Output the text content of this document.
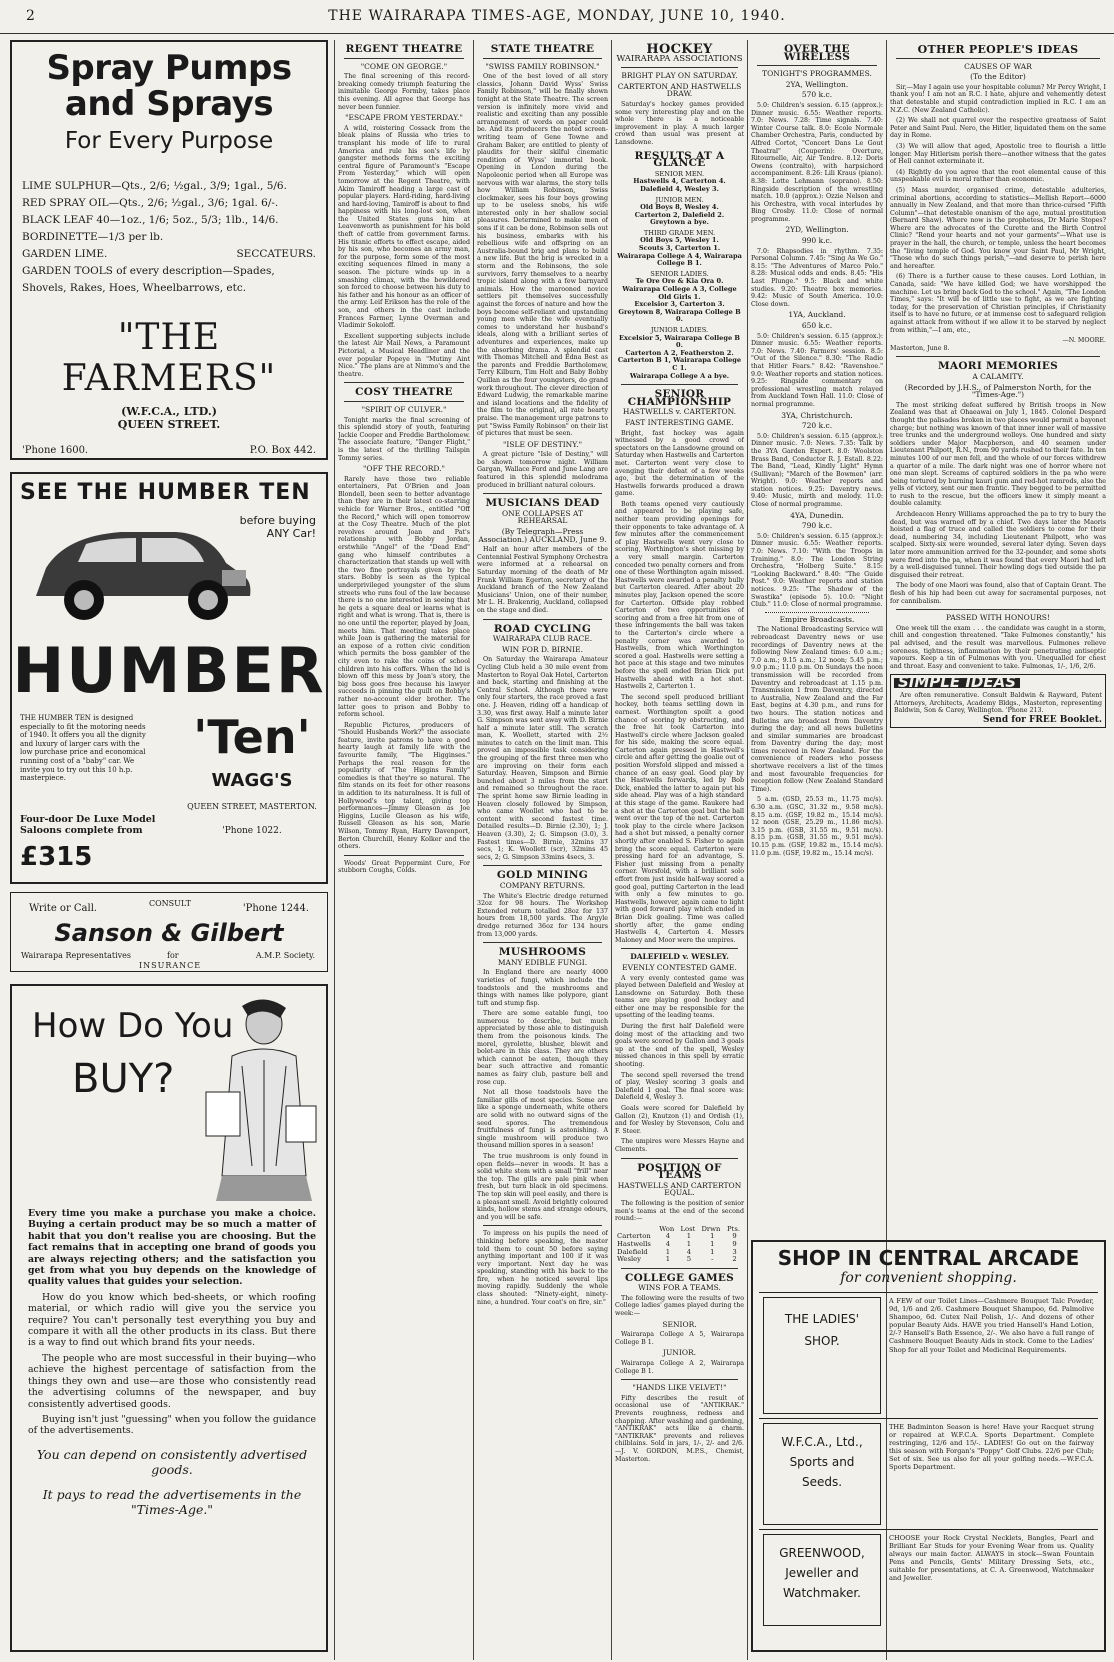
2	THE WAIRARAPA TIMES-AGE, MONDAY, JUNE 10, 1940.
Spray Pumps and Sprays
For Every Purpose
LIME SULPHUR—Qts., 2/6; ½gal., 3/9; 1gal., 5/6.
RED SPRAY OIL—Qts., 2/6; ½gal., 3/6; 1gal. 6/-.
BLACK LEAF 40—1oz., 1/6; 5oz., 5/3; 1lb., 14/6.
BORDINETTE—1/3 per lb.
GARDEN LIME.	SECCATEURS.
GARDEN TOOLS of every description—Spades, Shovels, Rakes, Hoes, Wheelbarrows, etc.
"THE FARMERS"
(W.F.C.A., LTD.)
QUEEN STREET.
'Phone 1600.	P.O. Box 442.
SEE THE HUMBER TEN
before buying ANY Car!
HUMBER
THE HUMBER TEN is designed especially to fit the motoring needs of 1940. It offers you all the dignity and luxury of larger cars with the low purchase price and economical running cost of a "baby" car. We invite you to try out this 10 h.p. masterpiece.
'Ten'
WAGG'S
QUEEN STREET, MASTERTON.
'Phone 1022.
Four-door De Luxe Model Saloons complete from
£315
Write or Call.	CONSULT	'Phone 1244.
Sanson & Gilbert
Wairarapa Representatives	for	A.M.P. Society.
INSURANCE
How Do You
BUY?

Every time you make a purchase you make a choice. Buying a certain product may be so much a matter of habit that you don't realise you are choosing. But the fact remains that in accepting one brand of goods you are always rejecting others; and the satisfaction you get from what you buy depends on the knowledge of quality values that guides your selection.

How do you know which bed-sheets, or which roofing material, or which radio will give you the service you require? You can't personally test everything you buy and compare it with all the other products in its class. But there is a way to find out which brand fits your needs.

The people who are most successful in their buying—who achieve the highest percentage of satisfaction from the things they own and use—are those who consistently read the advertising columns of the newspaper, and buy consistently advertised goods.

Buying isn't just "guessing" when you follow the guidance of the advertisements.

You can depend on consistently advertised goods.

It pays to read the advertisements in the "Times-Age."

REGENT THEATRE
"COME ON GEORGE."

The final screening of this record-breaking comedy triumph featuring the inimitable George Formby, takes place this evening. All agree that George has never been funnier.

"ESCAPE FROM YESTERDAY."

A wild, roistering Cossack from the bleak plains of Russia who tries to transplant his mode of life to rural America and rule his son's life by gangster methods forms the exciting central figure of Paramount's "Escape From Yesterday," which will open tomorrow at the Regent Theatre, with Akim Tamiroff heading a large cast of popular players. Hard-riding, hard-living and hard-loving, Tamiroff is about to find happiness with his long-lost son, when the United States guns him at Leavenworth as punishment for his bold theft of cattle from government farms. His titanic efforts to effect escape, aided by his son, who becomes an army man, for the purpose, form some of the most exciting sequences filmed in many a season. The picture winds up in a smashing climax, with the bewildered son forced to choose between his duty to his father and his honour as an officer of the army. Leif Erikson has the role of the son, and others in the cast include Frances Farmer, Lynne Overman and Vladimir Sokoloff.

Excellent supporting subjects include the latest Air Mail News, a Paramount Pictorial, a Musical Headliner and the ever popular Popeye in "Mutiny Aint Nice." The plans are at Nimmo's and the theatre.

COSY THEATRE
"SPIRIT OF CULVER."

Tonight marks the final screening of this splendid story of youth, featuring Jackie Cooper and Freddie Bartholomew. The associate feature, "Danger Flight," is the latest of the thrilling Tailspin Tommy series.

"OFF THE RECORD."

Rarely have those two reliable entertainers, Pat O'Brien and Joan Blondell, been seen to better advantage than they are in their latest co-starring vehicle for Warner Bros., entitled "Off the Record," which will open tomorrow at the Cosy Theatre. Much of the plot revolves around Joan and Pat's relationship with Bobby Jordan, erstwhile "Angel" of the "Dead End" gang who himself contributes a characterization that stands up well with the two fine portrayals given by the stars. Bobby is seen as the typical underprivileged youngster of the slum streets who runs foul of the law because there is no one interested in seeing that he gets a square deal or learns what is right and what is wrong. That is, there is no one until the reporter, played by Joan, meets him. That meeting takes place while Joan is gathering the material for an expose of a rotten civic condition which permits the boss gambler of the city even to rake the coins of school children into his coffers. When the lid is blown off this mess by Joan's story, the big boss goes free because his lawyer succeeds in pinning the guilt on Bobby's rather no-account elder brother. The latter goes to prison and Bobby to reform school.

Republic Pictures, producers of "Should Husbands Work?" the associate feature, invite patrons to have a good hearty laugh at family life with the favourite family, "The Higginses." Perhaps the real reason for the popularity of "The Higgins Family" comedies is that they're so natural. The film stands on its feet for other reasons in addition to its naturalness. It is full of Hollywood's top talent, giving top performances—Jimmy Gleason as Joe Higgins, Lucile Gleason as his wife, Russell Gleason as his son, Marie Wilson, Tommy Ryan, Harry Davenport, Berton Churchill, Henry Kolker and the others.

Woods' Great Peppermint Cure, For stubborn Coughs, Colds.

STATE THEATRE
"SWISS FAMILY ROBINSON."

One of the best loved of all story classics, Johann David Wyss' Swiss Family Robinson," will be finally shown tonight at the State Theatre. The screen version is infinitely more vivid and realistic and exciting than any possible arrangement of words on paper could be. And its producers the noted screen-writing team of Gene Towne and Graham Baker, are entitled to plenty of plaudits for their skilful cinematic rendition of Wyss' immortal book. Opening in London during the Napoleonic period when all Europe was nervous with war alarms, the story tells how William Robinson, Swiss clockmaker, sees his four boys growing up to be useless snobs, his wife interested only in her shallow social pleasures. Determined to make men of sons if it can be done, Robinson sells out his business, embarks with his rebellious wife and offspring on an Australia-bound brig and plans to build a new life. But the brig is wrecked in a storm and the Robinsons, the sole survivors, ferry themselves to a nearby tropic island along with a few barnyard animals. How the marooned novice settlers pit themselves successfully against the forces of nature and how the boys become self-reliant and upstanding young men while the wife eventually comes to understand her husband's ideals, along with a brilliant series of adventures and experiences, make up the absorbing drama. A splendid cast with Thomas Mitchell and Edna Best as the parents and Freddie Bartholomew, Terry Kilburn, Tim Holt and Baby Bobby Quillan as the four youngsters, do grand work throughout. The clever direction of Edward Ludwig, the remarkable marine and island locations and the fidelity of the film to the original, all rate hearty praise. The management urge patrons to put "Swiss Family Robinson" on their list of pictures that must be seen.

"ISLE OF DESTINY."

A great picture "Isle of Destiny," will be shown tomorrow night. William Gargan, Wallace Ford and June Lang are featured in this splendid melodrama produced in brilliant natural colours.

MUSICIANS DEAD
ONE COLLAPSES AT REHEARSAL
(By Telegraph—Press Association.) AUCKLAND, June 9.

Half an hour after members of the Centennial Festival Symphony Orchestra were informed at a rehearsal on Saturday morning of the death of Mr Frank William Egerton, secretary of the Auckland branch of the New Zealand Musicians' Union, one of their number, Mr L. H. Brakenrig, Auckland, collapsed on the stage and died.

ROAD CYCLING
WAIRARAPA CLUB RACE.
WIN FOR D. BIRNIE.

On Saturday the Wairarapa Amateur Cycling Club held a 30 mile event from Masterton to Royal Oak Hotel, Carterton and back, starting and finishing at the Central School. Although there were only four starters, the race proved a fast one. J. Heaven, riding off a handicap of 3.30, was first away. Half a minute later G. Simpson was sent away with D. Birnie half a minute later still. The scratch man, K. Woollett, started with 2½ minutes to catch on the limit man. This proved an impossible task considering the grouping of the first three men who are improving on their form each Saturday. Heaven, Simpson and Birnie bunched about 3 miles from the start and remained so throughout the race. The sprint home saw Birnie leading in Heaven closely followed by Simpson, who came Woollet who had to be content with second fastest time. Detailed results—D. Birnie (2.30), 1; J. Heaven (3.30), 2; G. Simpson (3.0), 3. Fastest times—D. Birnie, 32mins 37 secs, 1; K. Woollett (scr), 32mins 45 secs, 2; G. Simpson 33mins 4secs, 3.

GOLD MINING
COMPANY RETURNS.

The White's Electric dredge returned 32oz for 98 hours. The Workshop Extended return totalled 28oz for 137 hours from 18,500 yards. The Argyle dredge returned 36oz for 134 hours from 13,000 yards.

MUSHROOMS
MANY EDIBLE FUNGI.

In England there are nearly 4000 varieties of fungi, which include the toadstools and the mushrooms and things with names like polypore, giant tuft and stump fisp.

There are some eatable fungi, too numerous to describe, but much appreciated by those able to distinguish them from the poisonous kinds. The morel, gyrolette, blusher, blewit and bolet-are in this class. They are others which cannot be eaten, though they bear such attractive and romantic names as fairy club, pasture bell and rose cup.

Not all those toadstools have the familiar gills of most species. Some are like a sponge underneath, white others are solid with no outward signs of the seed spores. The tremendous fruitfulness of fungi is astonishing. A single mushroom will produce two thousand million spores in a season!

The true mushroom is only found in open fields—never in woods. It has a solid white stem with a small "frill" near the top. The gills are pale pink when fresh, but turn black in old specimens. The top skin will peel easily, and there is a pleasant smell. Avoid brightly coloured kinds, hollow stems and strange odours, and you will be safe.

To impress on his pupils the need of thinking before speaking, the master told them to count 50 before saying anything important and 100 if it was very important. Next day he was speaking, standing with his back to the fire, when he noticed several lips moving rapidly. Suddenly the whole class shouted: "Ninety-eight, ninety-nine, a hundred. Your coat's on fire, sir."

HOCKEY
WAIRARAPA ASSOCIATIONS
BRIGHT PLAY ON SATURDAY.
CARTERTON AND HASTWELLS DRAW.

Saturday's hockey games provided some very interesting play and on the whole there is a noticeable improvement in play. A much larger crowd than usual was present at Lansdowne.

RESULTS AT A GLANCE
SENIOR MEN.
Hastwells 4, Carterton 4.
Dalefield 4, Wesley 3.
JUNIOR MEN.
Old Boys 8, Wesley 4.
Carterton 2, Dalefield 2.
Greytown a bye.
THIRD GRADE MEN.
Old Boys 5, Wesley 1.
Scouts 3, Carterton 1.
Wairarapa College A 4, Wairarapa College B 1.
SENIOR LADIES.
Te Ore Ore & Kia Ora 0.
Wairarapa College A 3, College Old Girls 1.
Excelsior 3, Carterton 3.
Greytown 8, Wairarapa College B 0.
JUNIOR LADIES.
Excelsior 5, Wairarapa College B 0.
Carterton A 2, Featherston 2.
Carterton B 1, Wairarapa College C 1.
Wairarapa College A a bye.
SENIOR CHAMPIONSHIP
HASTWELLS v. CARTERTON.
FAST INTERESTING GAME.

Bright, fast hockey was again witnessed by a good crowd of spectators on the Lansdowne ground on Saturday when Hastwells and Carterton met. Carterton went very close to avenging their defeat of a few weeks ago, but the determination of the Hastwells forwards produced a drawn game.

Both teams opened very cautiously and appeared to be playing safe, neither team providing openings for their opponents to take advantage of. A few minutes after the commencement of play Hastwells went very close to scoring, Worthington's shot missing by a very small margin. Carterton conceded two penalty corners and from one of these Worthington again missed. Hastwells were awarded a penalty bully but Carterton cleared. After about 20 minutes play, Jackson opened the score for Carterton. Offside play robbed Carterton of two opportunities of scoring and from a free hit from one of these infringements the ball was taken to the Carterton's circle where a penalty corner was awarded to Hastwells, from which Worthington scored a goal. Hastwells were setting a hot pace at this stage and two minutes before the spell ended Brian Dick put Hastwells ahead with a hot shot. Hastwells 2, Carterton 1.

The second spell produced brilliant hockey, both teams settling down in earnest. Worthington spoilt a good chance of scoring by obstructing, and the free hit took Carterton into Hastwell's circle where Jackson goaled for his side, making the score equal. Carterton again pressed in Hastwell's circle and after getting the goalie out of position Worsfold slipped and missed a chance of an easy goal. Good play by the Hastwells forwards, led by Bob Dick, enabled the latter to again put his side ahead. Play was of a high standard at this stage of the game. Raukere had a shot at the Carterton goal but the ball went over the top of the net. Carterton took play to the circle where Jackson had a shot but missed, a penalty corner shortly after enabled S. Fisher to again bring the score equal. Carterton were pressing hard for an advantage, S. Fisher just missing from a penalty corner. Worsfold, with a brilliant solo effort from just inside half-way scored a good goal, putting Carterton in the lead with only a few minutes to go. Hastwells, however, again came to light with good forward play which ended in Brian Dick goaling. Time was called shortly after, the game ending Hastwells 4, Carterton 4. Messrs Maloney and Moor were the umpires.

DALEFIELD v. WESLEY.
EVENLY CONTESTED GAME.

A very evenly contested game was played between Dalefield and Wesley at Lansdowne on Saturday. Both these teams are playing good hockey and either one may be responsible for the upsetting of the leading teams.

During the first half Dalefield were doing most of the attacking and two goals were scored by Gallon and 3 goals up at the end of the spell, Wesley missed chances in this spell by erratic shooting.

The second spell reversed the trend of play, Wesley scoring 3 goals and Dalefield 1 goal. The final score was: Dalefield 4, Wesley 3.

Goals were scored for Dalefield by Gallon (2), Knutzon (1) and Ordish (1), and for Wesley by Stevenson, Colu and F. Steer.

The umpires were Messrs Hayne and Clements.

POSITION OF TEAMS
HASTWELLS AND CARTERTON EQUAL.

The following is the position of senior men's teams at the end of the second round:—

	Won	Lost	Drwn	Pts.
Carterton	4	1	1	9
Hastwells	4	1	1	9
Dalefield	1	4	1	3
Wesley	1	5	-	2
COLLEGE GAMES
WINS FOR A TEAMS.

The following were the results of two College ladies' games played during the week:—

SENIOR.

Wairarapa College A 5, Wairarapa College B 1.

JUNIOR.

Wairarapa College A 2, Wairarapa College B 1.

"HANDS LIKE VELVET!"

Fifty describes the result of occasional use of "ANTIKRAK." Prevents roughness, redness and chapping. After washing and gardening, "ANTIKRAK" acts like a charm. "ANTIKRAK" prevents and relieves chilblains. Sold in jars, 1/-, 2/- and 2/6.—J. V. GORDON, M.P.S., Chemist, Masterton.

OVER THE WIRELESS
TONIGHT'S PROGRAMMES.
2YA, Wellington.
570 k.c.

5.0: Children's session. 6.15 (approx.): Dinner music. 6.55: Weather reports. 7.0: News. 7.28: Time signals. 7.40: Winter Course talk. 8.0: Ecole Normale Chamber Orchestra, Paris, conducted by Alfred Cortot, "Concert Dans Le Gout Theatral" (Couperin): Overture, Ritournelle, Air, Air Tendre. 8.12: Doris Owens (contralto), with harpsichord accompaniment. 8.26: Lili Kraus (piano). 8.38: Lotte Lehmann (soprano). 8.50: Ringside description of the wrestling match. 10.0 (approx.): Ozzie Nelson and his Orchestra, with vocal interludes by Bing Crosby. 11.0: Close of normal programme.

2YD, Wellington.
990 k.c.

7.0: Rhapsodies in rhythm. 7.35: Personal Column. 7.45: "Sing As We Go." 8.15: "The Adventures of Marco Polo." 8.28: Musical odds and ends. 8.45: "His Last Plunge." 9.5: Black and white studies. 9.20: Theatre box memories. 9.42: Music of South America. 10.0: Close down.

1YA, Auckland.
650 k.c.

5.0: Children's session. 6.15 (approx.): Dinner music. 6.55: Weather reports. 7.0: News. 7.40: Farmers' session. 8.5: "Out of the Silence." 8.30: "The Radio that Hitler Fears." 8.42: "Ravenshoe." 9.0: Weather reports and station notices. 9.25: Ringside commentary on professional wrestling match relayed from Auckland Town Hall. 11.0: Close of normal programme.

3YA, Christchurch.
720 k.c.

5.0: Children's session. 6.15 (approx.): Dinner music. 7.0: News. 7.35: Talk by the 3YA Garden Expert. 8.0: Woolston Brass Band, Conductor R. J. Estall. 8.22: The Band, "Lead, Kindly Light" Hymn (Sullivan); "March of the Bowmen" (arr. Wright). 9.0: Weather reports and station notices. 9.25: Daventry news. 9.40: Music, mirth and melody. 11.0: Close of normal programme.

4YA, Dunedin.
790 k.c.

5.0: Children's session. 6.15 (approx.): Dinner music. 6.55: Weather reports. 7.0: News. 7.10: "With the Troops in Training." 8.0: The London String Orchestra, "Holberg Suite." 8.15: "Looking Backward." 8.40: "The Guide Post." 9.0: Weather reports and station notices. 9.25: "The Shadow of the Swastika" (episode 5). 10.0: "Night Club." 11.0: Close of normal programme.

Empire Broadcasts.

The National Broadcasting Service will rebroadcast Daventry news or use recordings of Daventry news at the following New Zealand times: 6.0 a.m.; 7.0 a.m.; 9.15 a.m.; 12 noon; 5.45 p.m.; 9.0 p.m.; 11.0 p.m. On Sundays the noon transmission will be recorded from Daventry and rebroadcast at 1.15 p.m. Transmission 1 from Daventry, directed to Australia, New Zealand and the Far East, begins at 4.30 p.m., and runs for two hours. The station notices and Bulletins are broadcast from Daventry during the day; and all news bulletins and similar summaries are broadcast from Daventry during the day; most times received in New Zealand. For the convenience of readers who possess shortwave receivers a list of the times and most favourable frequencies for reception follow (New Zealand Standard Time).

5 a.m. (GSD, 25.53 m., 11.75 mc/s). 6.30 a.m. (GSC, 31.32 m., 9.58 mc/s). 8.15 a.m. (GSF, 19.82 m., 15.14 mc/s). 12 noon (GSE, 25.29 m., 11.86 mc/s). 3.15 p.m. (GSB, 31.55 m., 9.51 mc/s). 8.15 p.m. (GSB, 31.55 m., 9.51 mc/s). 10.15 p.m. (GSF, 19.82 m., 15.14 mc/s). 11.0 p.m. (GSF, 19.82 m., 15.14 mc/s).

OTHER PEOPLE'S IDEAS
CAUSES OF WAR
(To the Editor)

Sir,—May I again use your hospitable column? Mr Percy Wright, I thank you! I am not an R.C. I hate, abjure and vehemently detest that detestable and stupid contradiction implied in R.C. I am an N.Z.C. (New Zealand Catholic).

(2) We shall not quarrel over the respective greatness of Saint Peter and Saint Paul. Nero, the Hitler, liquidated them on the same day in Rome.

(3) We will allow that aged, Apostolic tree to flourish a little longer. May Hitlerism perish there—another witness that the gates of Hell cannot exterminate it.

(4) Rightly do you agree that the root elemental cause of this unspeakable evil is moral rather than economic.

(5) Mass murder, organised crime, detestable adulteries, criminal abortions, according to statistics—Mellish Report—6000 annually in New Zealand, and that more than thrice-cursed "Fifth Column"—that detestable onanism of the age, mutual prostitution (Bernard Shaw). Where now is the prophetess, Dr Marie Stopes? Where are the advocates of the Curette and the Birth Control Clinic? "Rend your hearts and not your garments"—What use is prayer in the hall, the church, or temple, unless the heart becomes the "living temple of God. You know your Saint Paul, Mr Wright, "Those who do such things perish,"—and deserve to perish here and hereafter.

(6) There is a further cause to these causes. Lord Lothian, in Canada, said: "We have killed God; we have worshipped the machine. Let us bring back God to the school." Again, "The London Times," says: "It will be of little use to fight, as we are fighting today, for the preservation of Christian principles, if Christianity itself is to have no future, or at immense cost to safeguard religion against attack from without if we allow it to be starved by neglect from within,"—I am, etc.,

—N. MOORE.
Masterton, June 8.
MAORI MEMORIES
A CALAMITY.
(Recorded by J.H.S., of Palmerston North, for the "Times-Age.")

The most striking defeat suffered by British troops in New Zealand was that at Ohaeawai on July 1, 1845. Colonel Despard thought the palisades broken in two places would permit a bayonet charge; but nothing was known of that inner inner wall of massive tree trunks and the underground wolleys. One hundred and sixty soldiers under Major Macpherson, and 40 seamen under Lieutenant Philpott, R.N., from 90 yards rushed to their fate. In ten minutes 100 of our men fell, and the whole of our forces withdrew a quarter of a mile. The dark night was one of horror where not one man slept. Screams of captured soldiers in the pa who were being tortured by burning kauri gum and red-hot ramrods, also the yells of victory, sent our men frantic. They begged to be permitted to rush to the rescue, but the officers knew it simply meant a double calamity.

Archdeacon Henry Williams approached the pa to try to bury the dead, but was warned off by a chief. Two days later the Maoris hoisted a flag of truce and called the soldiers to come for their dead, numbering 34, including Lieutenant Philpott, who was scalped. Sixty-six were wounded, several later dying. Seven days later more ammunition arrived for the 32-pounder, and some shots were fired into the pa, when it was found that every Maori had left by a well-disguised tunnel. Their howling dogs tied outside the pa disguised their retreat.

The body of one Maori was found, also that of Captain Grant. The flesh of his hip had been cut away for sacramental purposes, not for cannibalism.

PASSED WITH HONOURS!

One week till the exam . . . the candidate was caught in a storm, chill and congestion threatened. "Take Fulmones constantly," his pal advised, and the result was marvellous. Fulmones relieve soreness, tightness, inflammation by their penetrating antiseptic vapours. Keep a tin of Fulmonas with you. Unequalled for chest and throat. Easy and convenient to take. Fulmonas, 1/-, 1/6, 2/6.

SIMPLE IDEAS

Are often remunerative. Consult Baldwin & Rayward, Patent Attorneys, Architects, Academy Bldgs., Masterton, representing Baldwin, Son & Carey, Wellington. 'Phone 213.

Send for FREE Booklet.
SHOP IN CENTRAL ARCADE
for convenient shopping.
THE LADIES' SHOP.
A FEW of our Toilet Lines—Cashmere Bouquet Talc Powder, 9d, 1/6 and 2/6. Cashmere Bouquet Shampoo, 6d. Palmolive Shampoo, 6d. Cutex Nail Polish, 1/-. And dozens of other popular Beauty Aids. HAVE you tried Hansell's Hand Lotion, 2/-? Hansell's Bath Essence, 2/-. We also have a full range of Cashmere Bouquet Beauty Aids in stock. Come to the Ladies' Shop for all your Toilet and Medicinal Requirements.
W.F.C.A., Ltd., Sports and Seeds.
THE Badminton Season is here! Have your Racquet strung or repaired at W.F.C.A. Sports Department. Complete restringing, 12/6 and 15/-. LADIES! Go out on the fairway this season with Forgan's "Poppy" Golf Clubs. 22/6 per Club; Set of six. See us also for all your golfing needs.—W.F.C.A. Sports Department.
GREENWOOD, Jeweller and Watchmaker.
CHOOSE your Rock Crystal Necklets, Bangles, Pearl and Brilliant Ear Studs for your Evening Wear from us. Quality always our main factor. ALWAYS in stock—Swan Fountain Pens and Pencils, Gents' Military Dressing Sets, etc., suitable for presentations, at C. A. Greenwood, Watchmaker and Jeweller.
